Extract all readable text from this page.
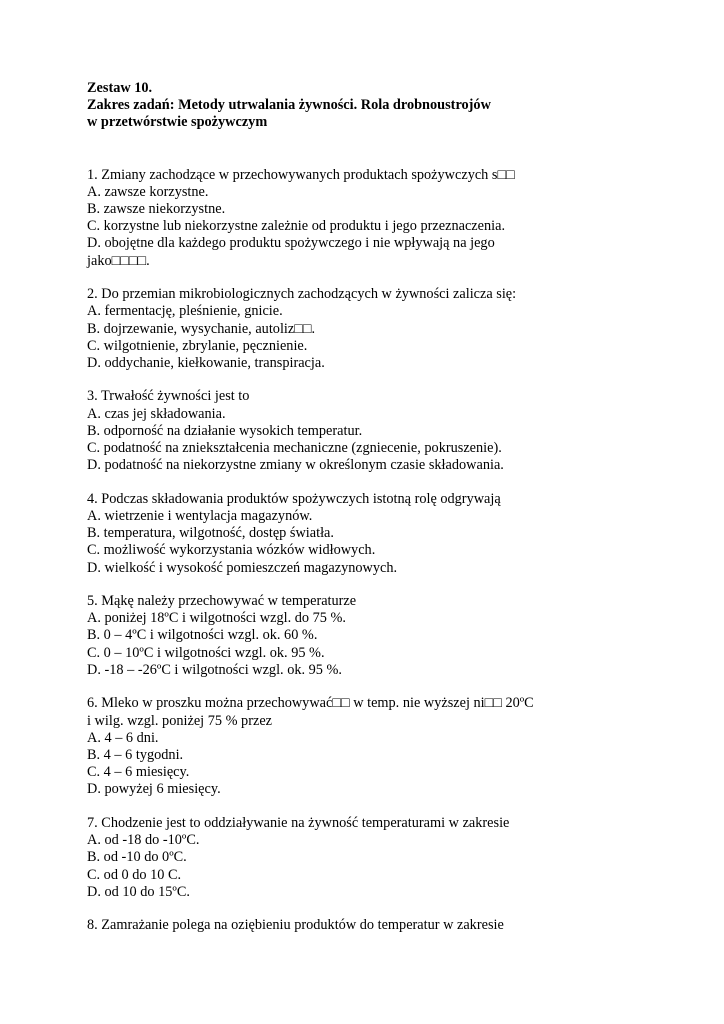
Zestaw 10.
Zakres zadań: Metody utrwalania żywności. Rola drobnoustrojów
w przetwórstwie spożywczym
1. Zmiany zachodzące w przechowywanych produktach spożywczych s□□
A. zawsze korzystne.
B. zawsze niekorzystne.
C. korzystne lub niekorzystne zależnie od produktu i jego przeznaczenia.
D. obojętne dla każdego produktu spożywczego i nie wpływają na jego
jako□□□□.
2. Do przemian mikrobiologicznych zachodzących w żywności zalicza się:
A. fermentację, pleśnienie, gnicie.
B. dojrzewanie, wysychanie, autoliz□□.
C. wilgotnienie, zbrylanie, pęcznienie.
D. oddychanie, kiełkowanie, transpiracja.
3. Trwałość żywności jest to
A. czas jej składowania.
B. odporność na działanie wysokich temperatur.
C. podatność na zniekształcenia mechaniczne (zgniecenie, pokruszenie).
D. podatność na niekorzystne zmiany w określonym czasie składowania.
4. Podczas składowania produktów spożywczych istotną rolę odgrywają
A. wietrzenie i wentylacja magazynów.
B. temperatura, wilgotność, dostęp światła.
C. możliwość wykorzystania wózków widłowych.
D. wielkość i wysokość pomieszczeń magazynowych.
5. Mąkę należy przechowywać w temperaturze
A. poniżej 18ºC i wilgotności wzgl. do 75 %.
B. 0 – 4ºC i wilgotności wzgl. ok. 60 %.
C. 0 – 10ºC i wilgotności wzgl. ok. 95 %.
D. -18 – -26ºC i wilgotności wzgl. ok. 95 %.
6. Mleko w proszku można przechowywać□□ w temp. nie wyższej ni□□ 20ºC
i wilg. wzgl. poniżej 75 % przez
A. 4 – 6 dni.
B. 4 – 6 tygodni.
C. 4 – 6 miesięcy.
D. powyżej 6 miesięcy.
7. Chodzenie jest to oddziaływanie na żywność temperaturami w zakresie
A. od -18 do -10ºC.
B. od -10 do 0ºC.
C. od 0 do 10 C.
D. od 10 do 15ºC.
8. Zamrażanie polega na oziębieniu produktów do temperatur w zakresie
